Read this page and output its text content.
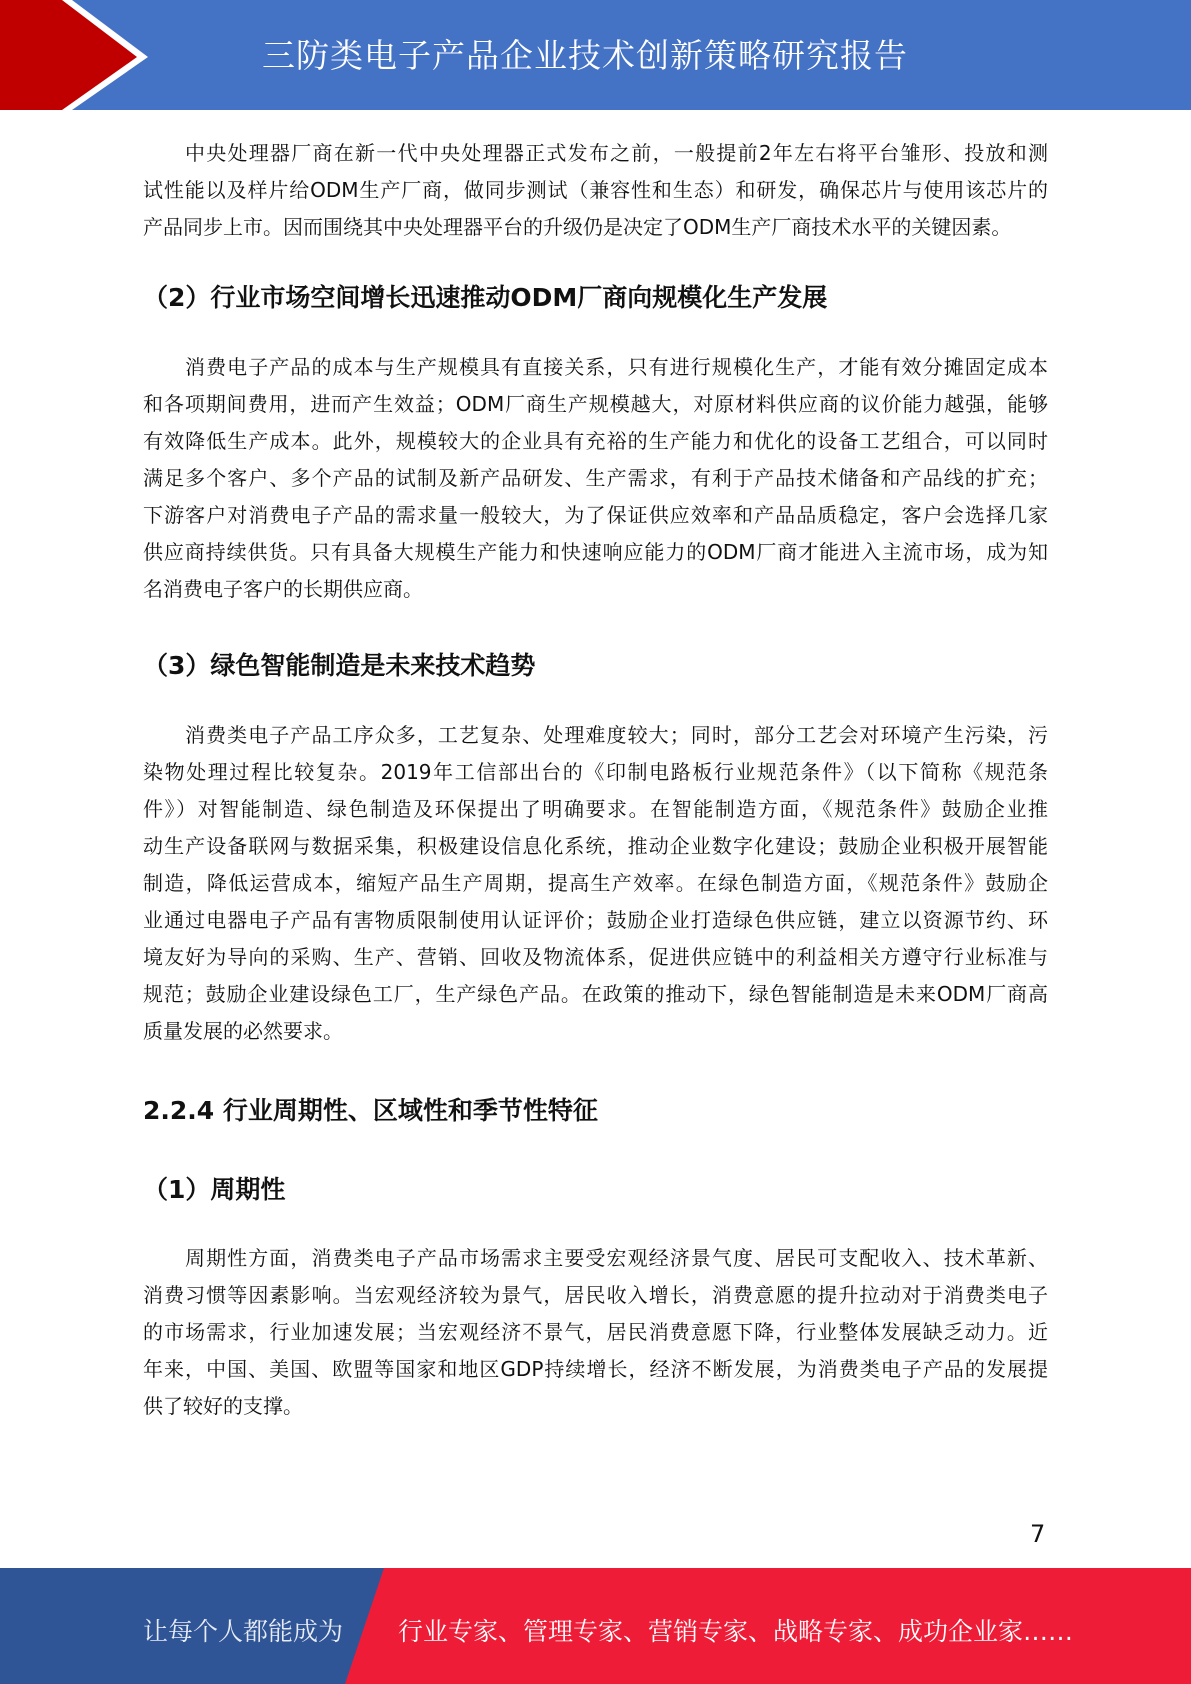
三防类电子产品企业技术创新策略研究报告
中央处理器厂商在新一代中央处理器正式发布之前，一般提前2年左右将平台雏形、投放和测
试性能以及样片给ODM生产厂商，做同步测试（兼容性和生态）和研发，确保芯片与使用该芯片的
产品同步上市。因而围绕其中央处理器平台的升级仍是决定了ODM生产厂商技术水平的关键因素。
（2）行业市场空间增长迅速推动ODM厂商向规模化生产发展
消费电子产品的成本与生产规模具有直接关系，只有进行规模化生产，才能有效分摊固定成本
和各项期间费用，进而产生效益；ODM厂商生产规模越大，对原材料供应商的议价能力越强，能够
有效降低生产成本。此外，规模较大的企业具有充裕的生产能力和优化的设备工艺组合，可以同时
满足多个客户、多个产品的试制及新产品研发、生产需求，有利于产品技术储备和产品线的扩充；
下游客户对消费电子产品的需求量一般较大，为了保证供应效率和产品品质稳定，客户会选择几家
供应商持续供货。只有具备大规模生产能力和快速响应能力的ODM厂商才能进入主流市场，成为知
名消费电子客户的长期供应商。
（3）绿色智能制造是未来技术趋势
消费类电子产品工序众多，工艺复杂、处理难度较大；同时，部分工艺会对环境产生污染，污
染物处理过程比较复杂。2019年工信部出台的《印制电路板行业规范条件》（以下简称《规范条
件》）对智能制造、绿色制造及环保提出了明确要求。在智能制造方面，《规范条件》鼓励企业推
动生产设备联网与数据采集，积极建设信息化系统，推动企业数字化建设；鼓励企业积极开展智能
制造，降低运营成本，缩短产品生产周期，提高生产效率。在绿色制造方面，《规范条件》鼓励企
业通过电器电子产品有害物质限制使用认证评价；鼓励企业打造绿色供应链，建立以资源节约、环
境友好为导向的采购、生产、营销、回收及物流体系，促进供应链中的利益相关方遵守行业标准与
规范；鼓励企业建设绿色工厂，生产绿色产品。在政策的推动下，绿色智能制造是未来ODM厂商高
质量发展的必然要求。
2.2.4 行业周期性、区域性和季节性特征
（1）周期性
周期性方面，消费类电子产品市场需求主要受宏观经济景气度、居民可支配收入、技术革新、
消费习惯等因素影响。当宏观经济较为景气，居民收入增长，消费意愿的提升拉动对于消费类电子
的市场需求，行业加速发展；当宏观经济不景气，居民消费意愿下降，行业整体发展缺乏动力。近
年来，中国、美国、欧盟等国家和地区GDP持续增长，经济不断发展，为消费类电子产品的发展提
供了较好的支撑。
7
让每个人都能成为 行业专家、管理专家、营销专家、战略专家、成功企业家……
